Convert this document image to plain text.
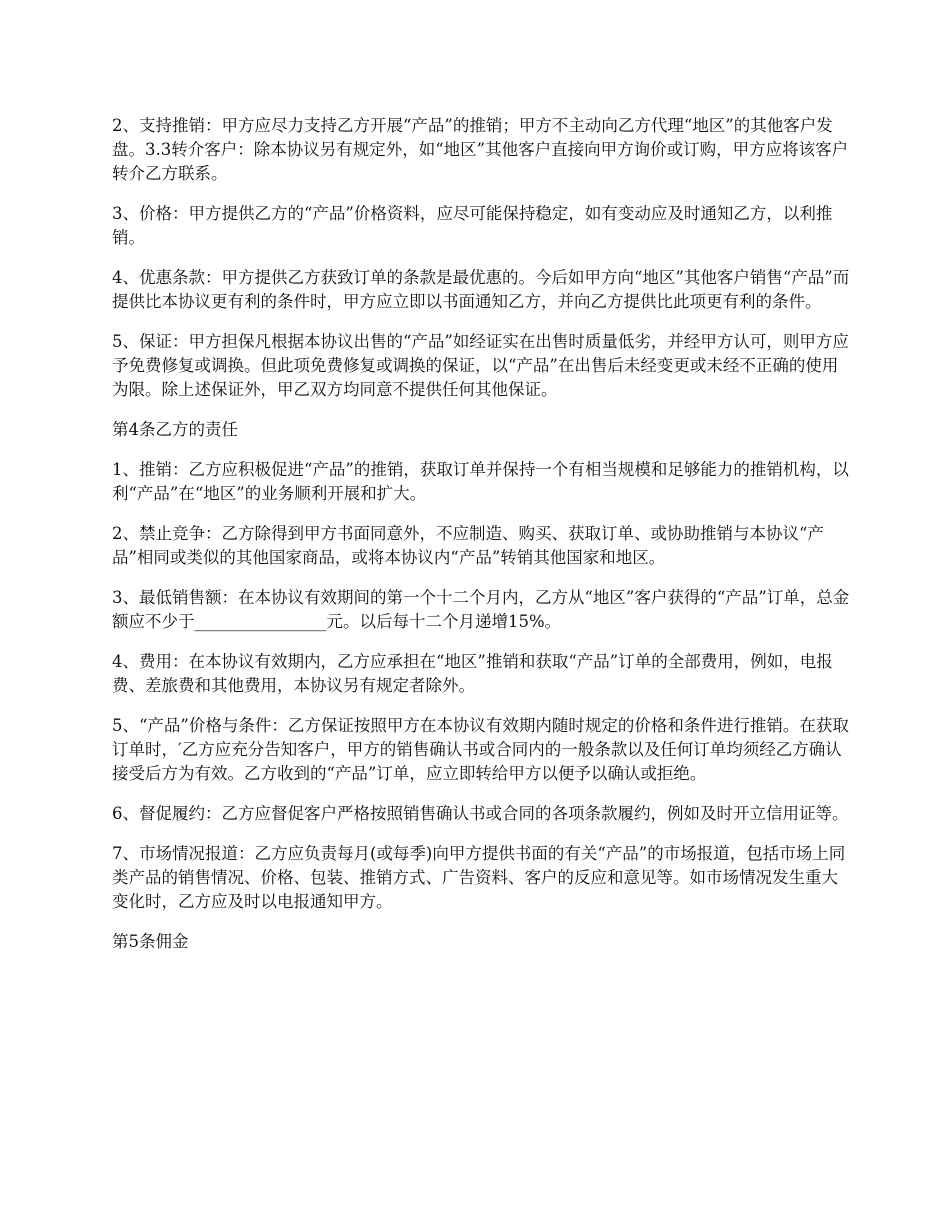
2、支持推销：甲方应尽力支持乙方开展“产品”的推销；甲方不主动向乙方代理“地区”的其他客户发盘。3.3转介客户：除本协议另有规定外，如“地区”其他客户直接向甲方询价或订购，甲方应将该客户转介乙方联系。

3、价格：甲方提供乙方的“产品”价格资料，应尽可能保持稳定，如有变动应及时通知乙方，以利推销。

4、优惠条款：甲方提供乙方获致订单的条款是最优惠的。今后如甲方向“地区”其他客户销售“产品”而提供比本协议更有利的条件时，甲方应立即以书面通知乙方，并向乙方提供比此项更有利的条件。

5、保证：甲方担保凡根据本协议出售的“产品”如经证实在出售时质量低劣，并经甲方认可，则甲方应予免费修复或调换。但此项免费修复或调换的保证，以“产品”在出售后未经变更或未经不正确的使用为限。除上述保证外，甲乙双方均同意不提供任何其他保证。

第4条乙方的责任

1、推销：乙方应积极促进“产品”的推销，获取订单并保持一个有相当规模和足够能力的推销机构，以利“产品”在“地区”的业务顺利开展和扩大。

2、禁止竞争：乙方除得到甲方书面同意外，不应制造、购买、获取订单、或协助推销与本协议“产品”相同或类似的其他国家商品，或将本协议内“产品”转销其他国家和地区。

3、最低销售额：在本协议有效期间的第一个十二个月内，乙方从“地区”客户获得的“产品”订单，总金额应不少于________________元。以后每十二个月递增15%。

4、费用：在本协议有效期内，乙方应承担在“地区”推销和获取“产品”订单的全部费用，例如，电报费、差旅费和其他费用，本协议另有规定者除外。

5、“产品”价格与条件：乙方保证按照甲方在本协议有效期内随时规定的价格和条件进行推销。在获取订单时，′乙方应充分告知客户，甲方的销售确认书或合同内的一般条款以及任何订单均须经乙方确认接受后方为有效。乙方收到的“产品”订单，应立即转给甲方以便予以确认或拒绝。

6、督促履约：乙方应督促客户严格按照销售确认书或合同的各项条款履约，例如及时开立信用证等。

7、市场情况报道：乙方应负责每月(或每季)向甲方提供书面的有关“产品”的市场报道，包括市场上同类产品的销售情况、价格、包装、推销方式、广告资料、客户的反应和意见等。如市场情况发生重大变化时，乙方应及时以电报通知甲方。

第5条佣金
